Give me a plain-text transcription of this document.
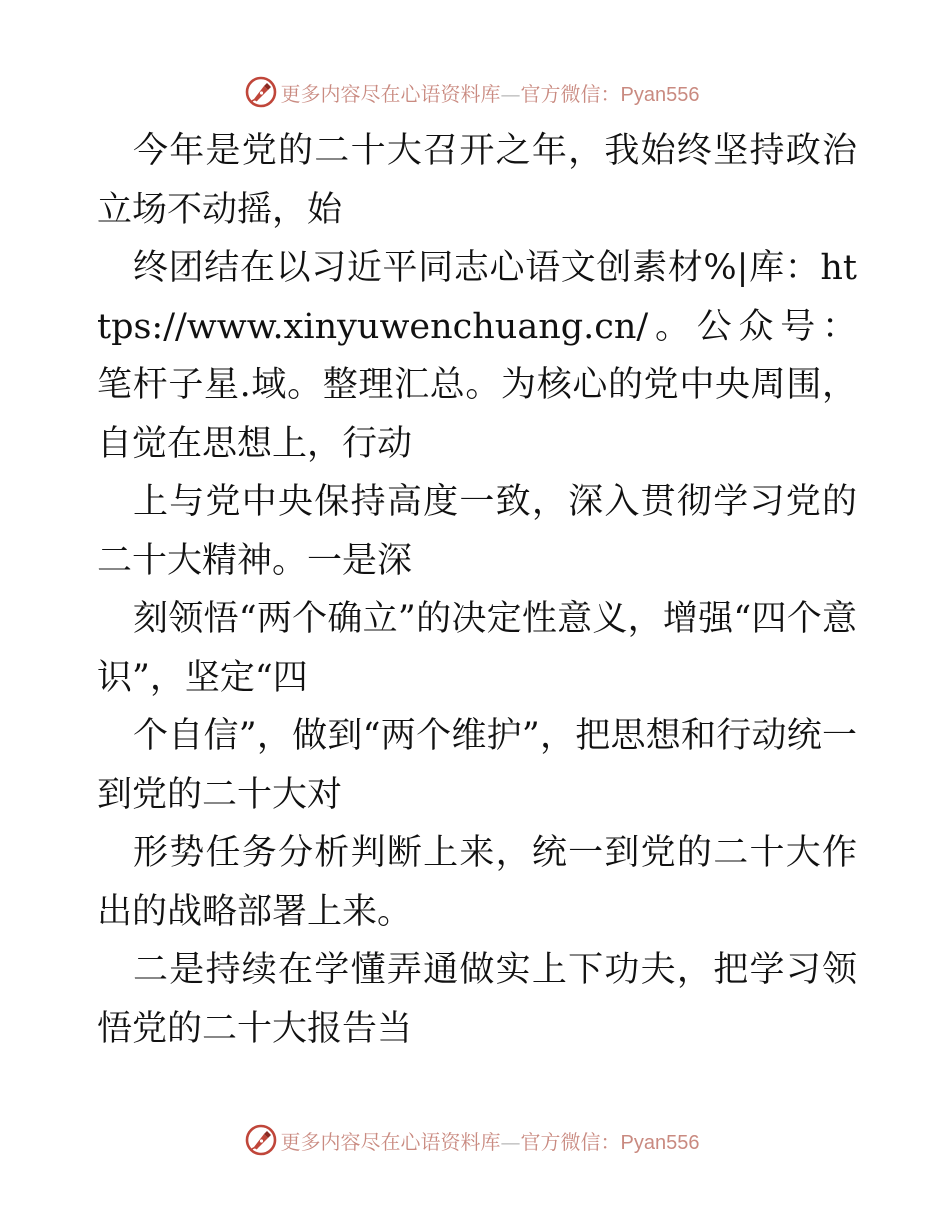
更多内容尽在心语资料库—官方微信：Pyan556

今年是党的二十大召开之年，我始终坚持政治立场不动摇，始

终团结在以习近平同志心语文创素材%|库：https://www.xinyuwenchuang.cn/。公众号：笔杆子星.域。整理汇总。为核心的党中央周围，自觉在思想上，行动

上与党中央保持高度一致，深入贯彻学习党的二十大精神。一是深

刻领悟“两个确立”的决定性意义，增强“四个意识”，坚定“四

个自信”，做到“两个维护”，把思想和行动统一到党的二十大对

形势任务分析判断上来，统一到党的二十大作出的战略部署上来。

二是持续在学懂弄通做实上下功夫，把学习领悟党的二十大报告当

更多内容尽在心语资料库—官方微信：Pyan556
